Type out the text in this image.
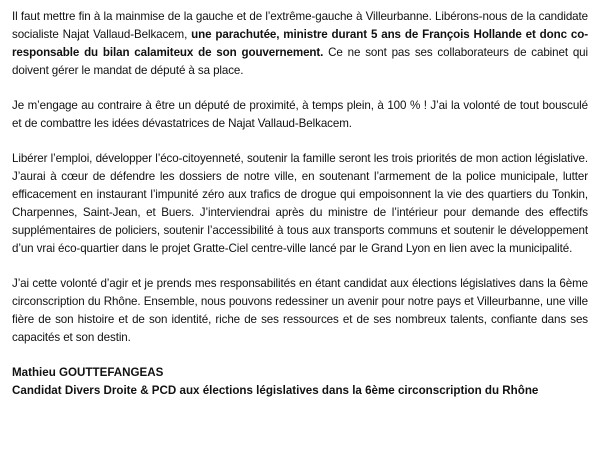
Il faut mettre fin à la mainmise de la gauche et de l’extrême-gauche à Villeurbanne. Libérons-nous de la candidate socialiste Najat Vallaud-Belkacem, une parachutée, ministre durant 5 ans de François Hollande et donc co-responsable du bilan calamiteux de son gouvernement. Ce ne sont pas ses collaborateurs de cabinet qui doivent gérer le mandat de député à sa place.

Je m’engage au contraire à être un député de proximité, à temps plein, à 100 % ! J’ai la volonté de tout bousculé et de combattre les idées dévastatrices de Najat Vallaud-Belkacem.

Libérer l’emploi, développer l’éco-citoyenneté, soutenir la famille seront les trois priorités de mon action législative. J’aurai à cœur de défendre les dossiers de notre ville, en soutenant l’armement de la police municipale, lutter efficacement en instaurant l’impunité zéro aux trafics de drogue qui empoisonnent la vie des quartiers du Tonkin, Charpennes, Saint-Jean, et Buers. J’interviendrai après du ministre de l’intérieur pour demande des effectifs supplémentaires de policiers, soutenir l’accessibilité à tous aux transports communs et soutenir le développement d’un vrai éco-quartier dans le projet Gratte-Ciel centre-ville lancé par le Grand Lyon en lien avec la municipalité.

J’ai cette volonté d’agir et je prends mes responsabilités en étant candidat aux élections législatives dans la 6ème circonscription du Rhône. Ensemble, nous pouvons redessiner un avenir pour notre pays et Villeurbanne, une ville fière de son histoire et de son identité, riche de ses ressources et de ses nombreux talents, confiante dans ses capacités et son destin.

Mathieu GOUTTEFANGEAS
Candidat Divers Droite & PCD aux élections législatives dans la 6ème circonscription du Rhône
